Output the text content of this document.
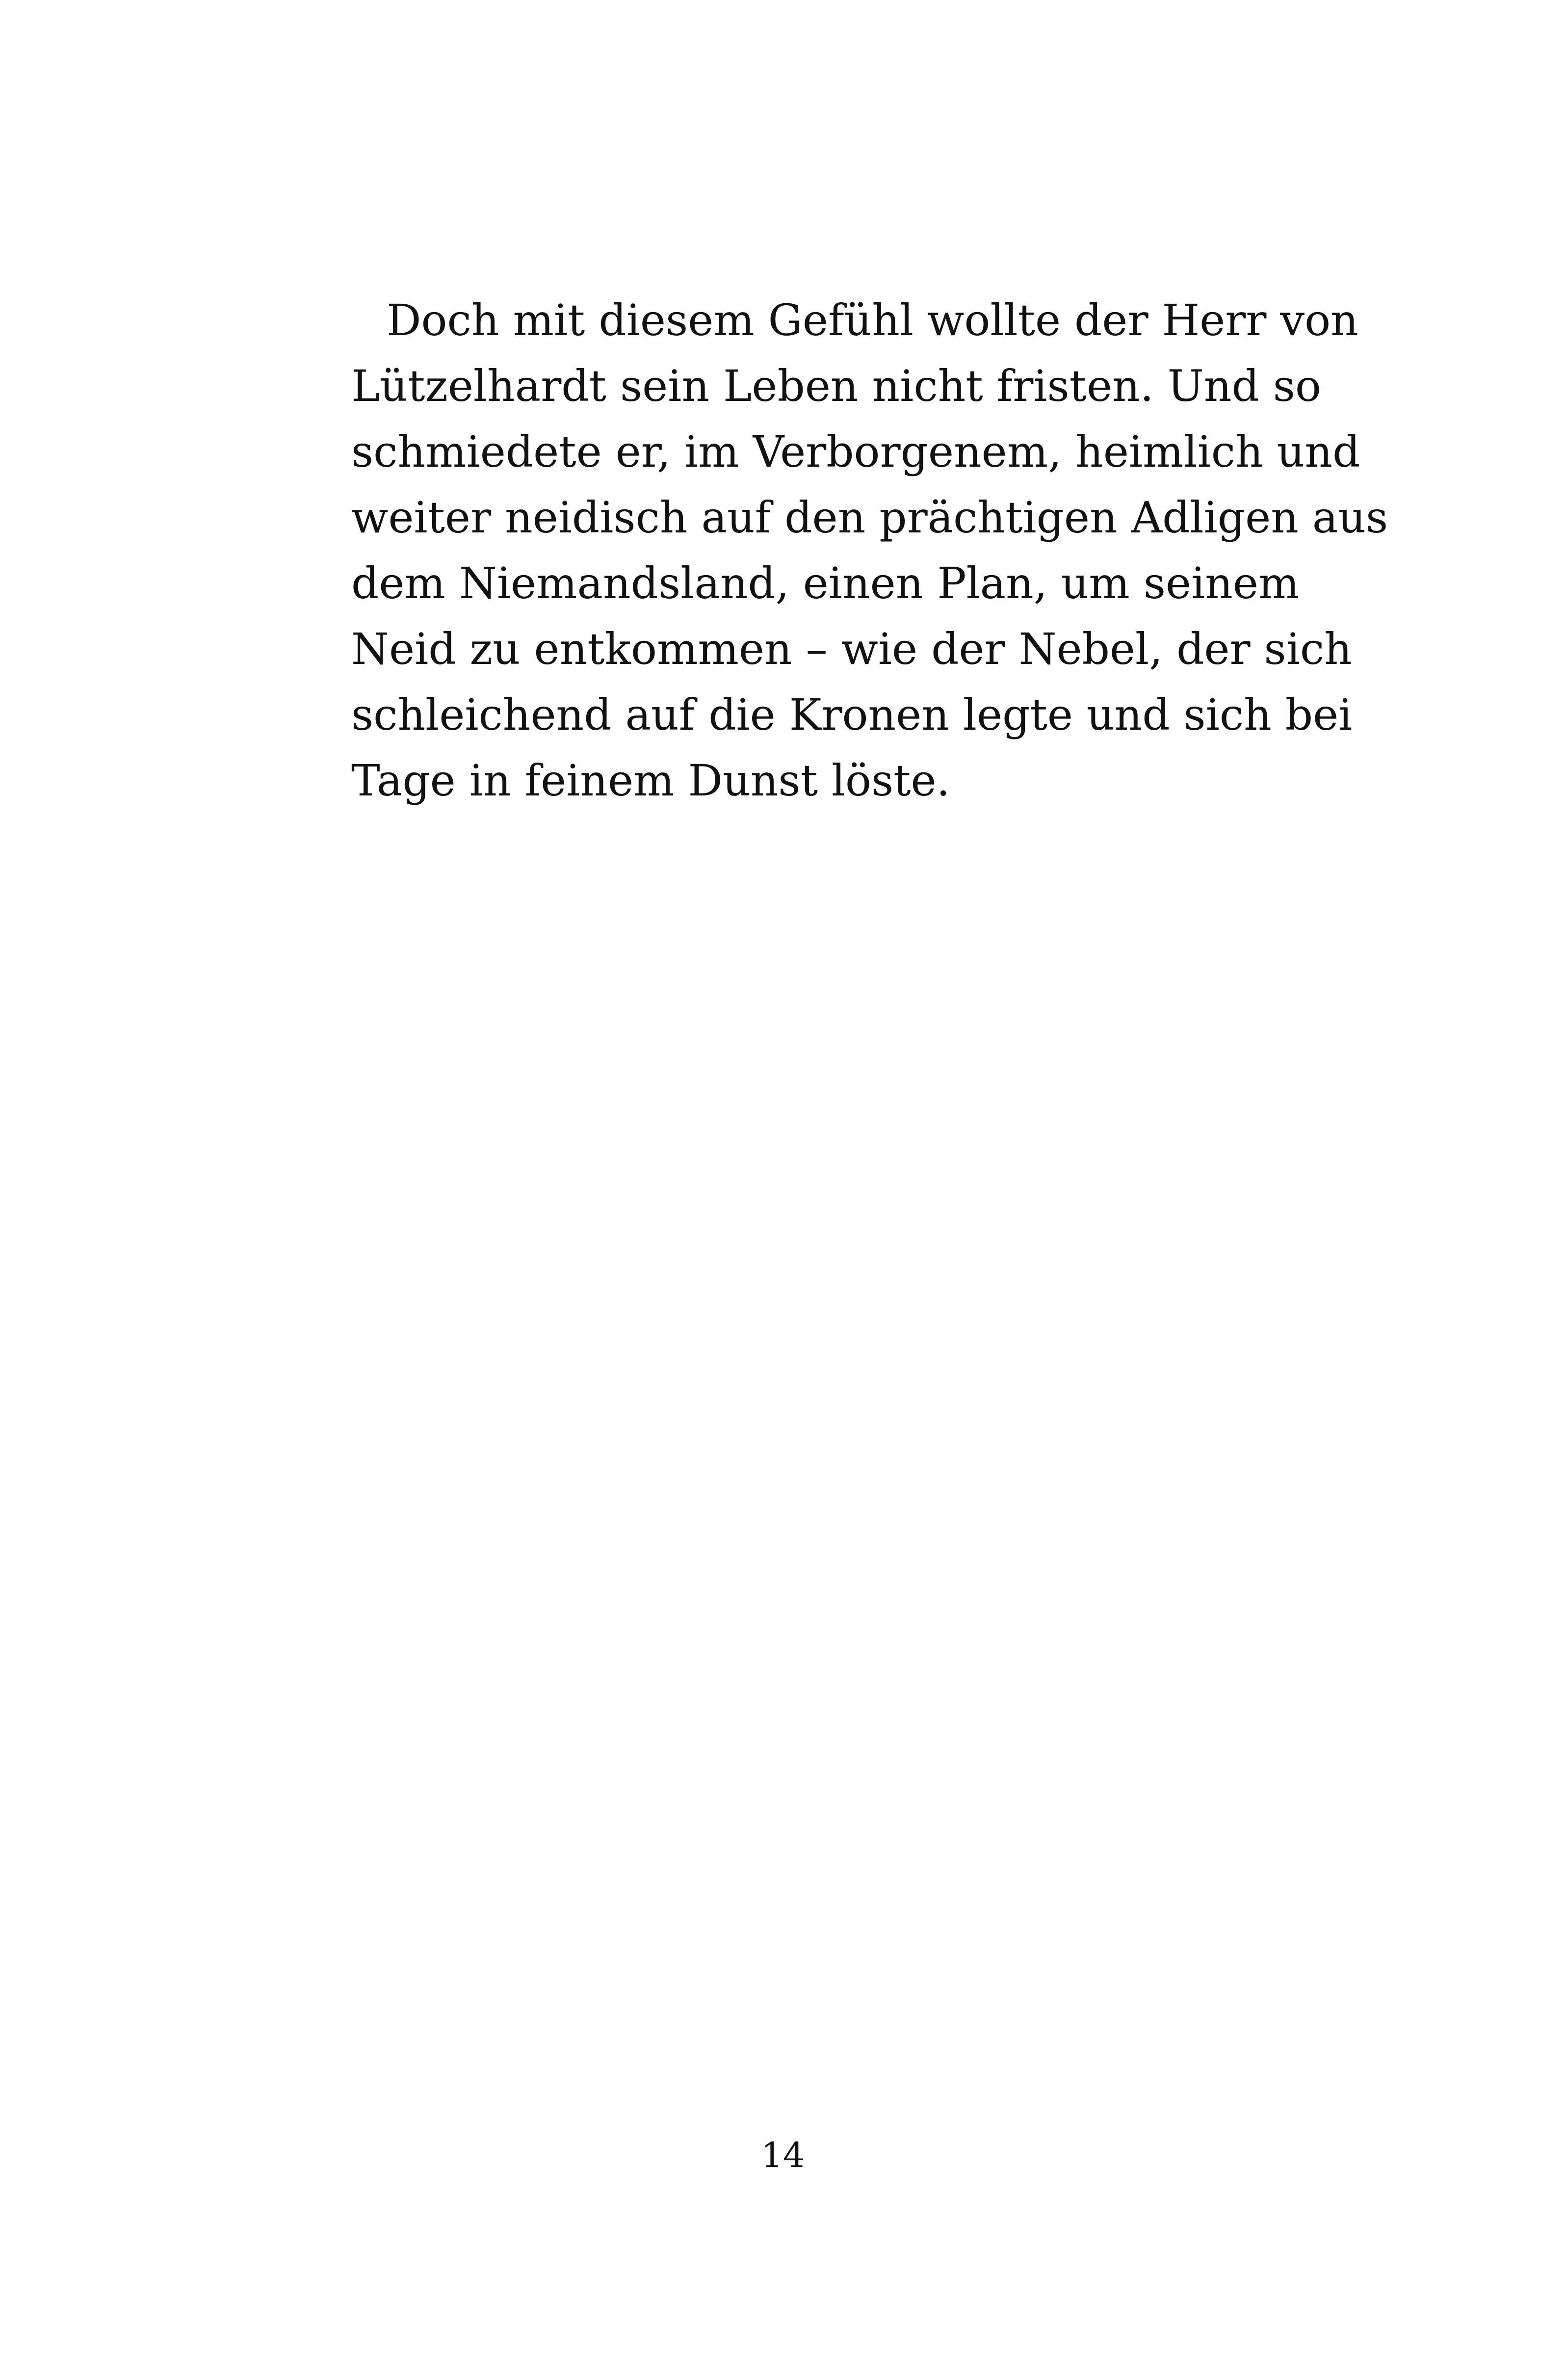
Doch mit diesem Gefühl wollte der Herr von
Lützelhardt sein Leben nicht fristen. Und so
schmiedete er, im Verborgenem, heimlich und
weiter neidisch auf den prächtigen Adligen aus
dem Niemandsland, einen Plan, um seinem
Neid zu entkommen – wie der Nebel, der sich
schleichend auf die Kronen legte und sich bei
Tage in feinem Dunst löste.
14
